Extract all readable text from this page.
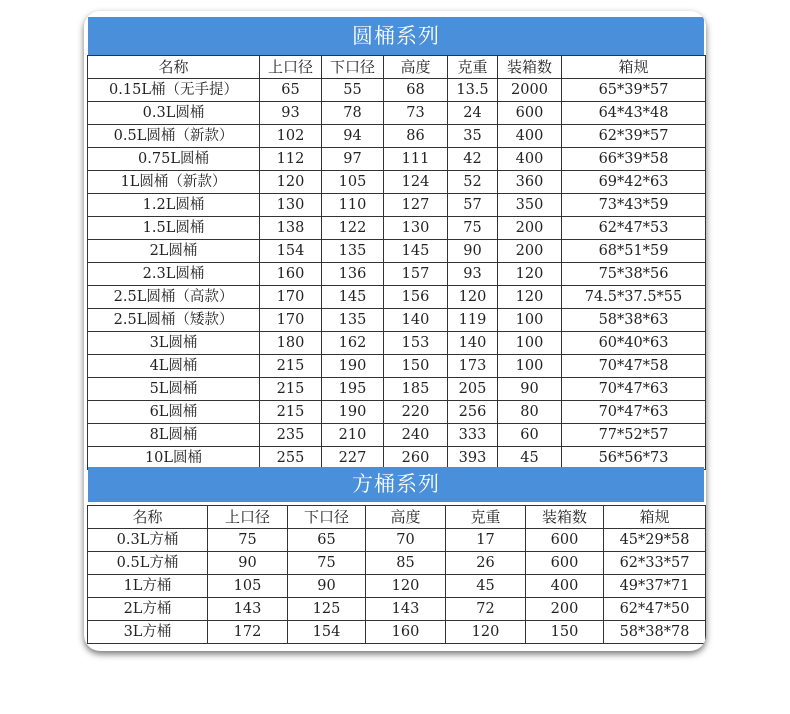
圆桶系列
名称	上口径	下口径	高度	克重	装箱数	箱规
0.15L桶（无手提）	65	55	68	13.5	2000	65*39*57
0.3L圆桶	93	78	73	24	600	64*43*48
0.5L圆桶（新款）	102	94	86	35	400	62*39*57
0.75L圆桶	112	97	111	42	400	66*39*58
1L圆桶（新款）	120	105	124	52	360	69*42*63
1.2L圆桶	130	110	127	57	350	73*43*59
1.5L圆桶	138	122	130	75	200	62*47*53
2L圆桶	154	135	145	90	200	68*51*59
2.3L圆桶	160	136	157	93	120	75*38*56
2.5L圆桶（高款）	170	145	156	120	120	74.5*37.5*55
2.5L圆桶（矮款）	170	135	140	119	100	58*38*63
3L圆桶	180	162	153	140	100	60*40*63
4L圆桶	215	190	150	173	100	70*47*58
5L圆桶	215	195	185	205	90	70*47*63
6L圆桶	215	190	220	256	80	70*47*63
8L圆桶	235	210	240	333	60	77*52*57
10L圆桶	255	227	260	393	45	56*56*73
方桶系列
名称	上口径	下口径	高度	克重	装箱数	箱规
0.3L方桶	75	65	70	17	600	45*29*58
0.5L方桶	90	75	85	26	600	62*33*57
1L方桶	105	90	120	45	400	49*37*71
2L方桶	143	125	143	72	200	62*47*50
3L方桶	172	154	160	120	150	58*38*78
